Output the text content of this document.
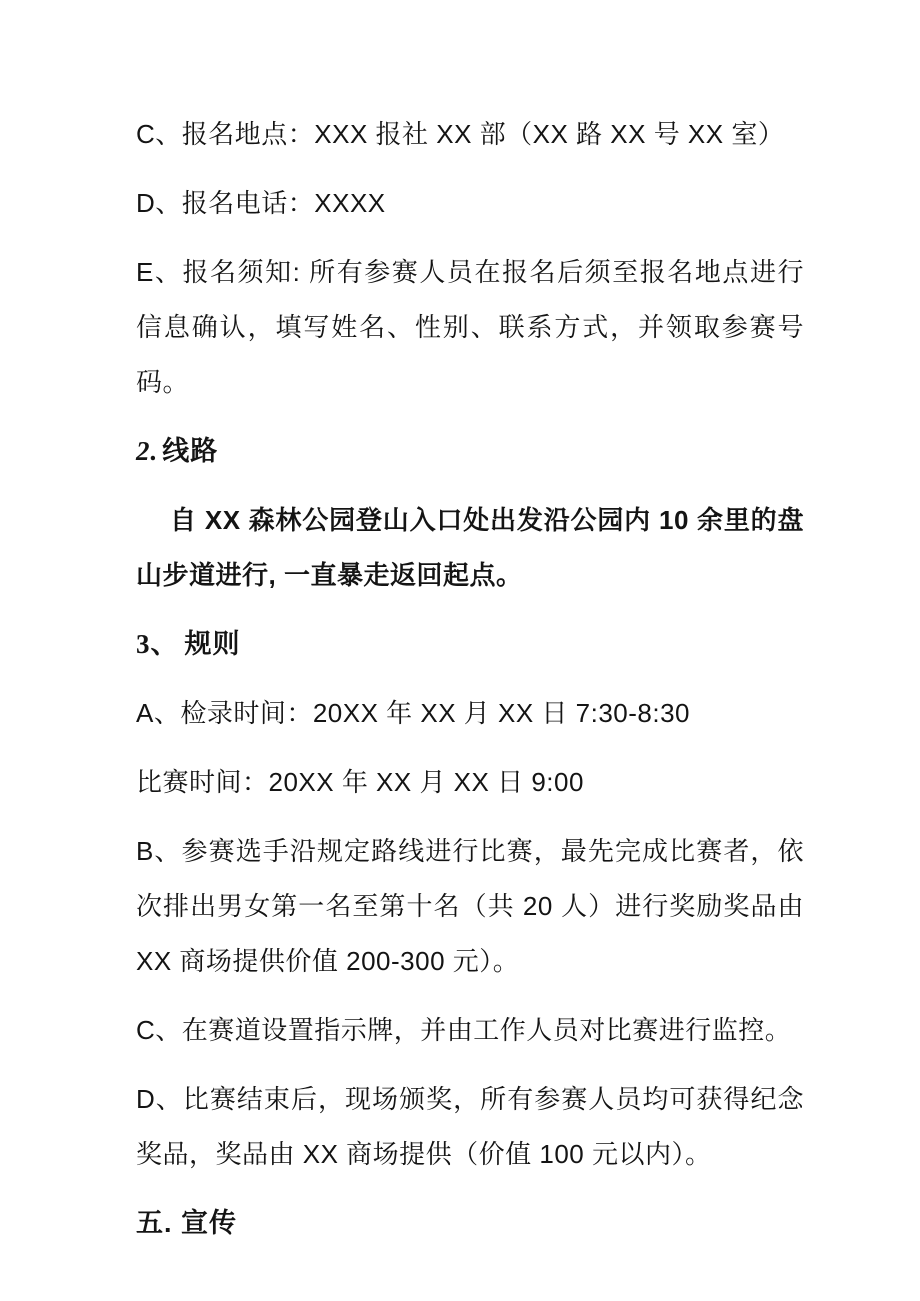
C、报名地点：XXX 报社 XX 部（XX 路 XX 号 XX 室）

D、报名电话：XXXX

E、报名须知: 所有参赛人员在报名后须至报名地点进行信息确认，填写姓名、性别、联系方式，并领取参赛号码。

2. 线路

自 XX 森林公园登山入口处出发沿公园内 10 余里的盘山步道进行, 一直暴走返回起点。

3、 规则

A、检录时间：20XX 年 XX 月 XX 日 7:30-8:30

比赛时间：20XX 年 XX 月 XX 日 9:00

B、参赛选手沿规定路线进行比赛，最先完成比赛者，依次排出男女第一名至第十名（共 20 人）进行奖励奖品由 XX 商场提供价值 200-300 元）。

C、在赛道设置指示牌，并由工作人员对比赛进行监控。

D、比赛结束后，现场颁奖，所有参赛人员均可获得纪念奖品，奖品由 XX 商场提供（价值 100 元以内）。

五. 宣传
